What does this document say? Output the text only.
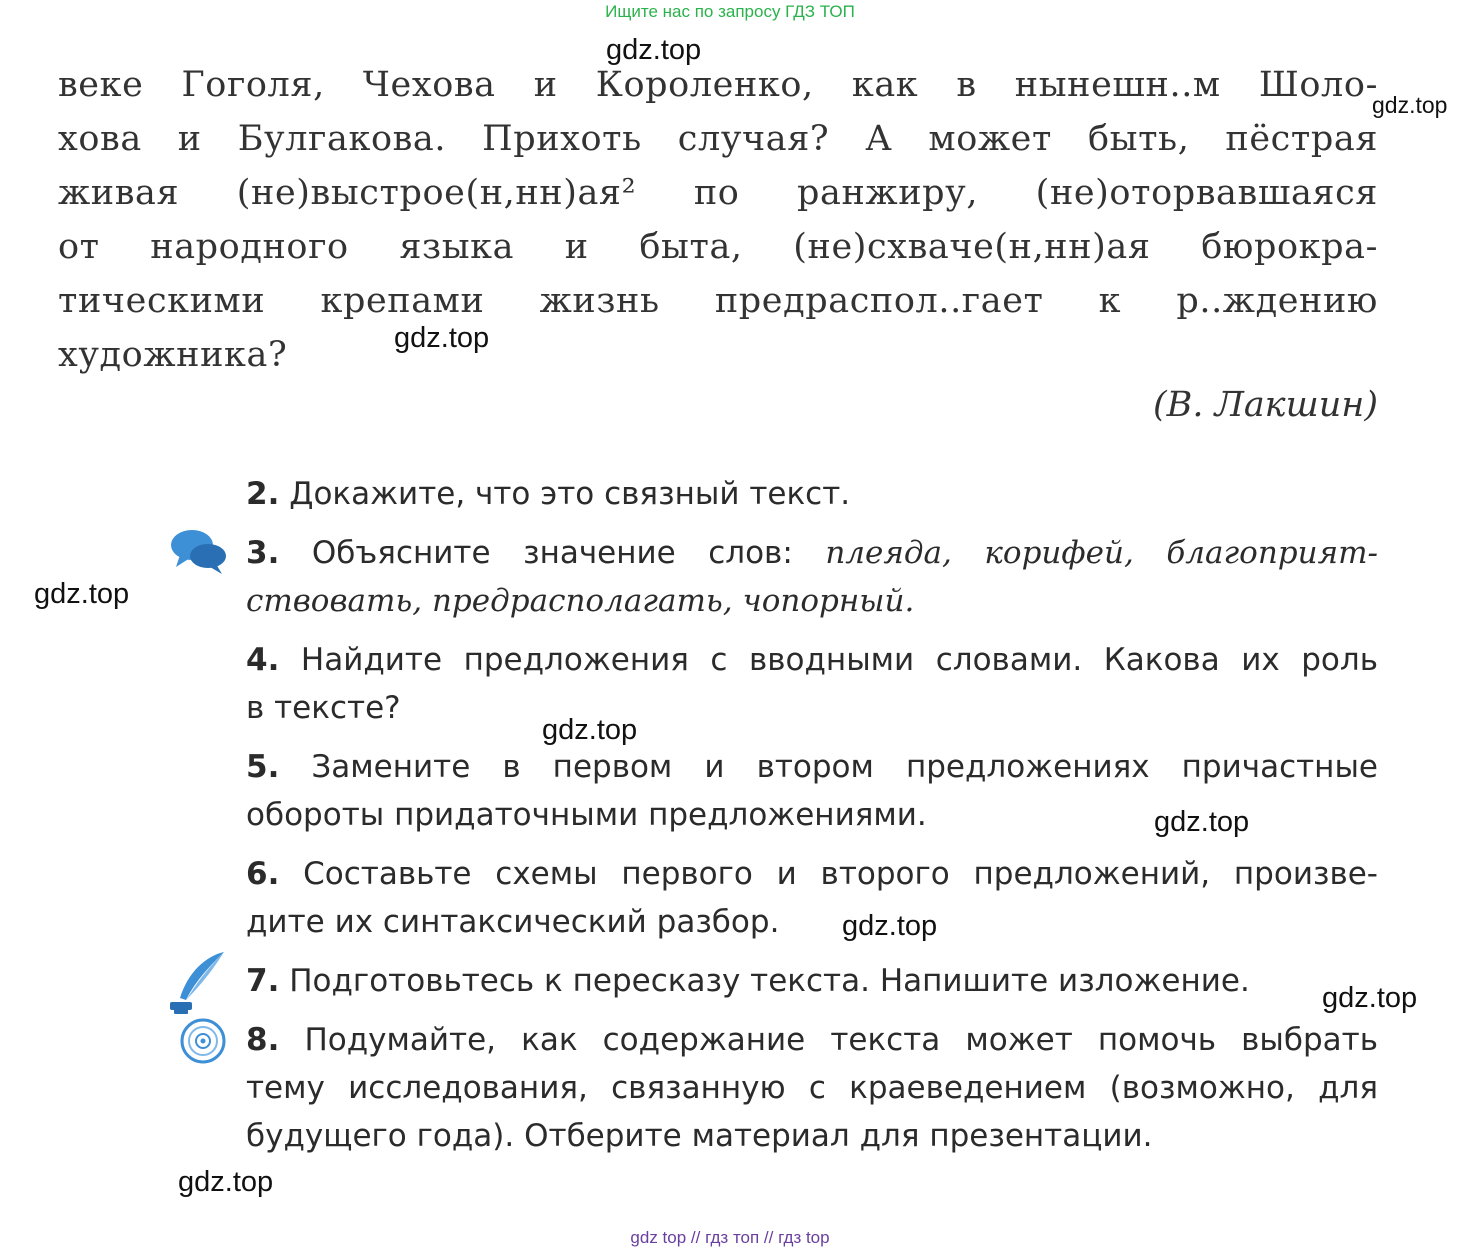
Ищите нас по запросу ГДЗ ТОП
веке Гоголя, Чехова и Короленко, как в нынешн..м Шоло-
хова и Булгакова. Прихоть случая? А может быть, пёстрая
живая (не)выстрое(н,нн)ая² по ранжиру, (не)оторвавшаяся
от народного языка и быта, (не)схваче(н,нн)ая бюрокра-
тическими крепами жизнь предраспол..гает к р..ждению
художника?
(В. Лакшин)
2. Докажите, что это связный текст.
3. Объясните значение слов: плеяда, корифей, благоприят-
ствовать, предрасполагать, чопорный.
4. Найдите предложения с вводными словами. Какова их роль
в тексте?
5. Замените в первом и втором предложениях причастные
обороты придаточными предложениями.
6. Составьте схемы первого и второго предложений, произве-
дите их синтаксический разбор.
7. Подготовьтесь к пересказу текста. Напишите изложение.
8. Подумайте, как содержание текста может помочь выбрать
тему исследования, связанную с краеведением (возможно, для
будущего года). Отберите материал для презентации.
gdz.top
gdz.top
gdz.top
gdz.top
gdz.top
gdz.top
gdz.top
gdz.top
gdz.top
gdz top // гдз топ // гдз top
